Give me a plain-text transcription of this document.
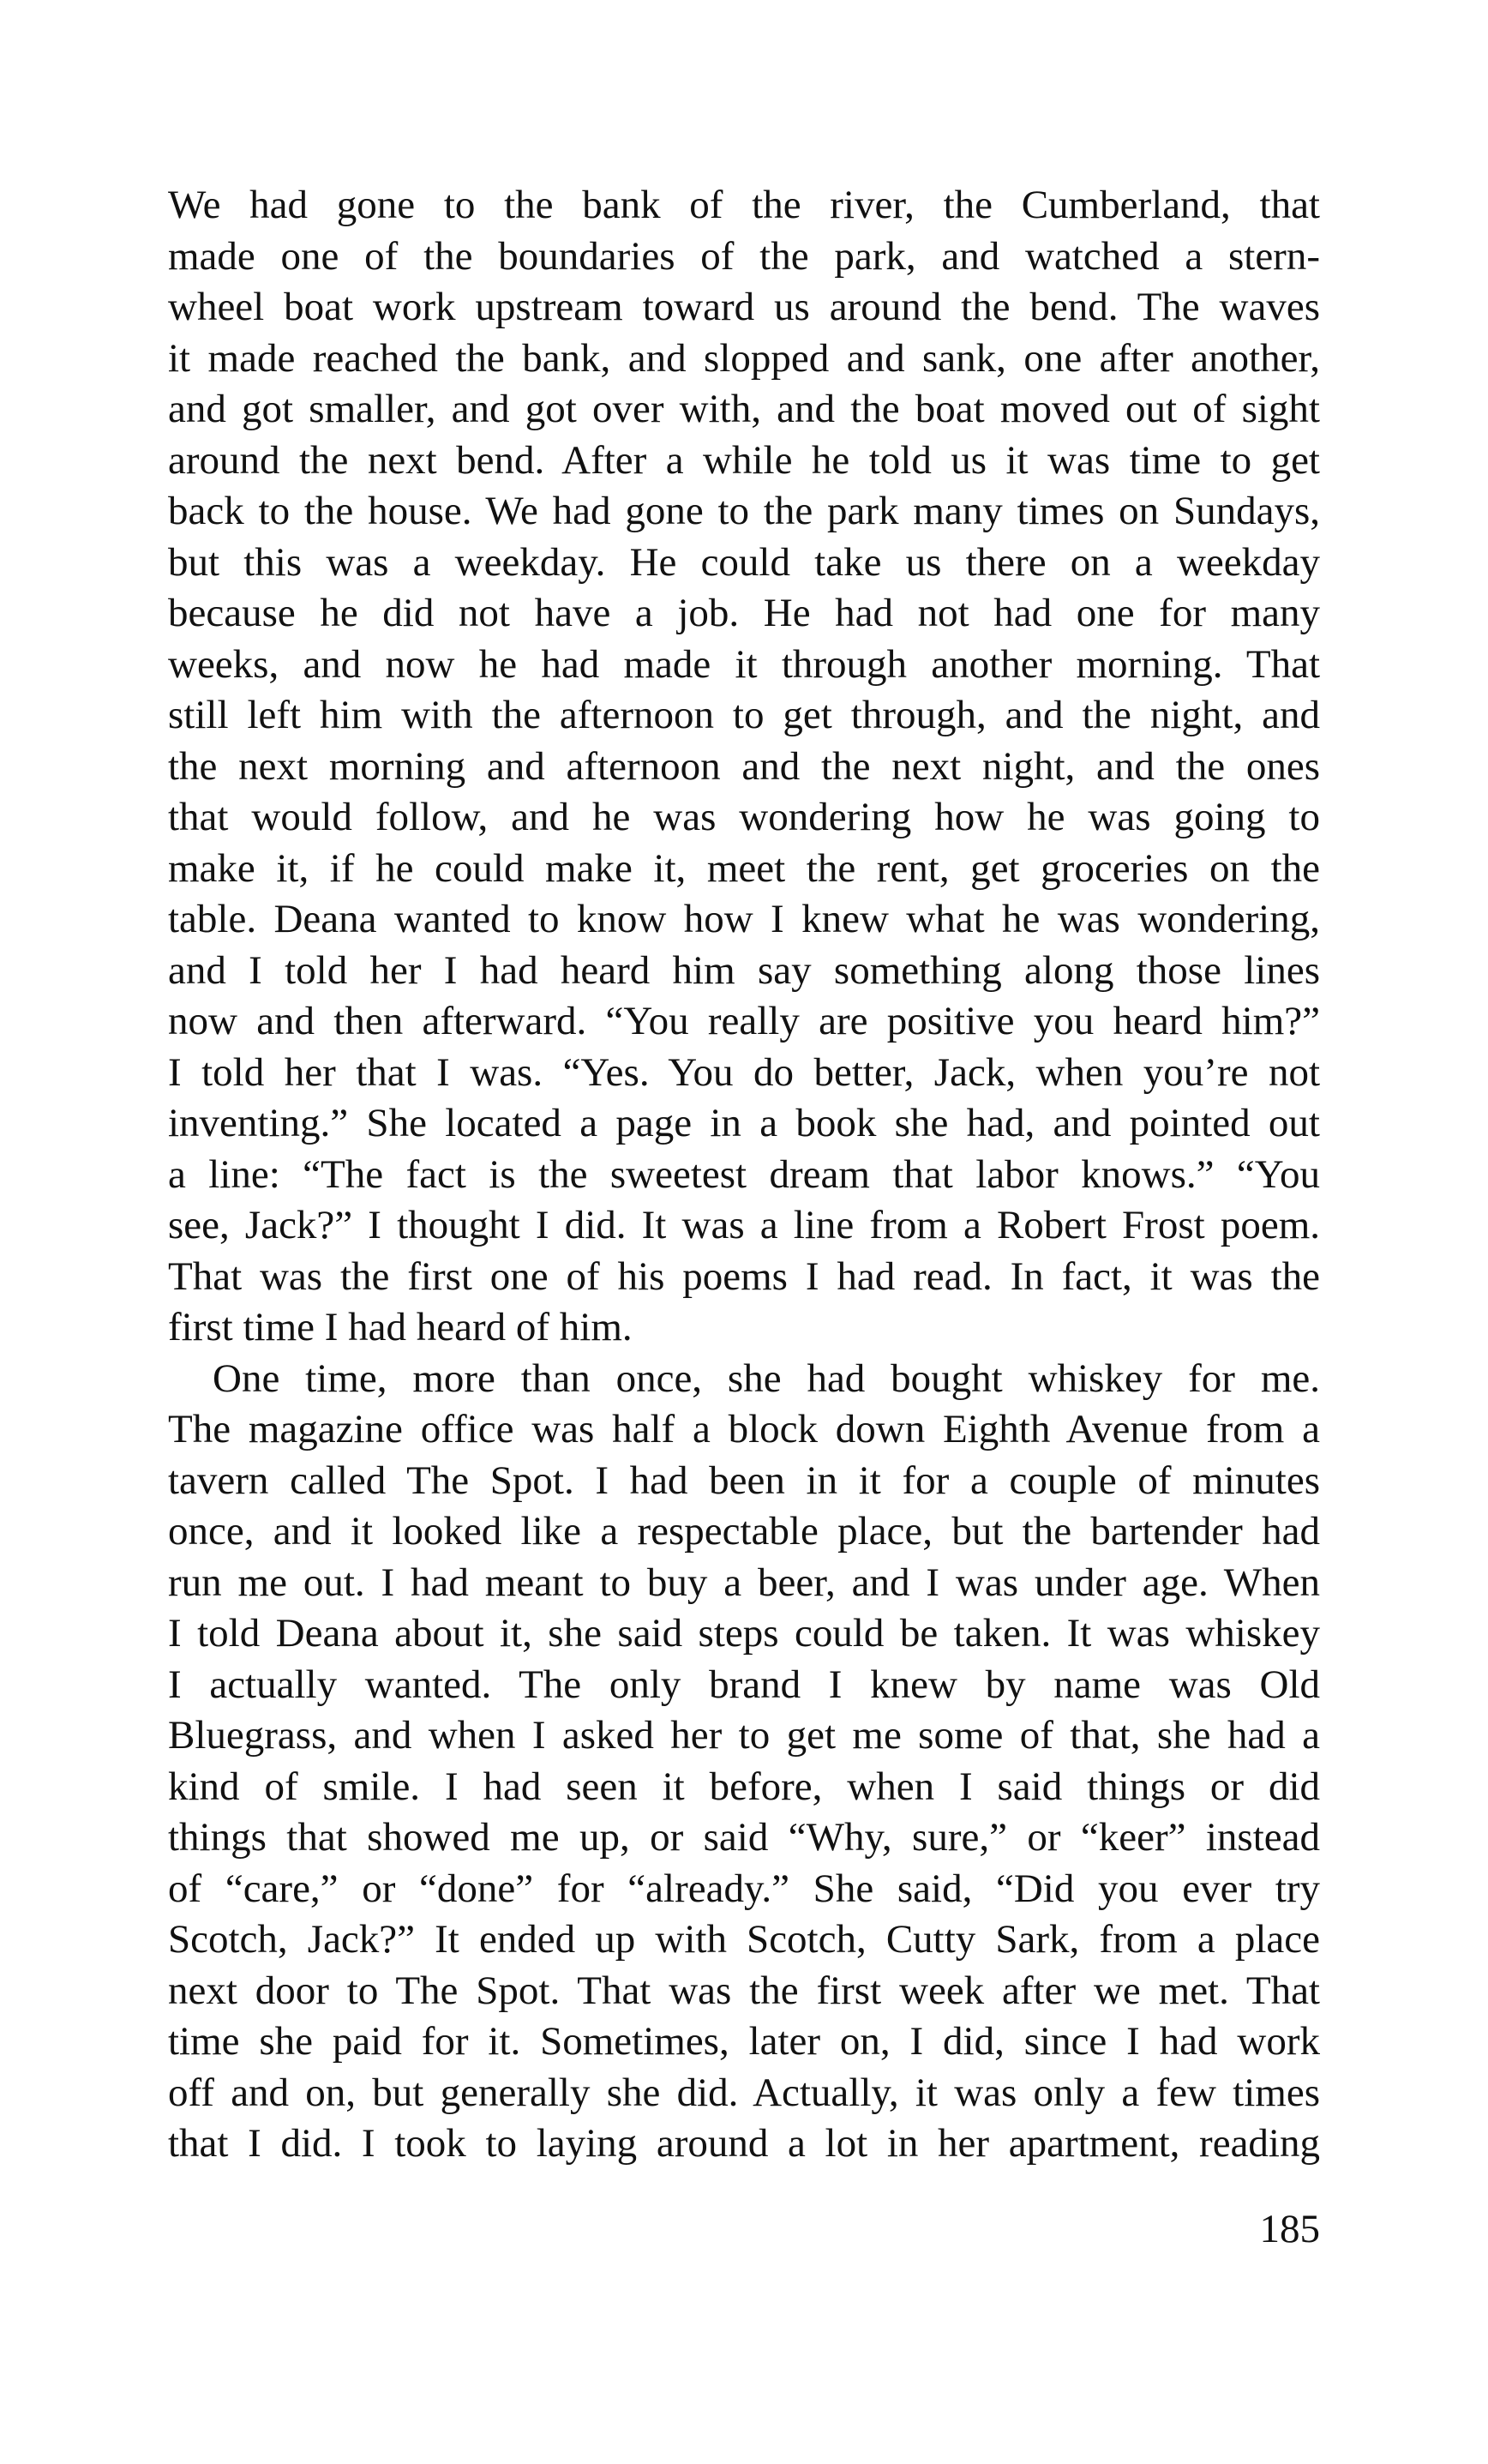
We had gone to the bank of the river, the Cumberland, that
made one of the boundaries of the park, and watched a stern-
wheel boat work upstream toward us around the bend. The waves
it made reached the bank, and slopped and sank, one after another,
and got smaller, and got over with, and the boat moved out of sight
around the next bend. After a while he told us it was time to get
back to the house. We had gone to the park many times on Sundays,
but this was a weekday. He could take us there on a weekday
because he did not have a job. He had not had one for many
weeks, and now he had made it through another morning. That
still left him with the afternoon to get through, and the night, and
the next morning and afternoon and the next night, and the ones
that would follow, and he was wondering how he was going to
make it, if he could make it, meet the rent, get groceries on the
table. Deana wanted to know how I knew what he was wondering,
and I told her I had heard him say something along those lines
now and then afterward. “You really are positive you heard him?”
I told her that I was. “Yes. You do better, Jack, when you’re not
inventing.” She located a page in a book she had, and pointed out
a line: “The fact is the sweetest dream that labor knows.” “You
see, Jack?” I thought I did. It was a line from a Robert Frost poem.
That was the first one of his poems I had read. In fact, it was the
first time I had heard of him.
One time, more than once, she had bought whiskey for me.
The magazine office was half a block down Eighth Avenue from a
tavern called The Spot. I had been in it for a couple of minutes
once, and it looked like a respectable place, but the bartender had
run me out. I had meant to buy a beer, and I was under age. When
I told Deana about it, she said steps could be taken. It was whiskey
I actually wanted. The only brand I knew by name was Old
Bluegrass, and when I asked her to get me some of that, she had a
kind of smile. I had seen it before, when I said things or did
things that showed me up, or said “Why, sure,” or “keer” instead
of “care,” or “done” for “already.” She said, “Did you ever try
Scotch, Jack?” It ended up with Scotch, Cutty Sark, from a place
next door to The Spot. That was the first week after we met. That
time she paid for it. Sometimes, later on, I did, since I had work
off and on, but generally she did. Actually, it was only a few times
that I did. I took to laying around a lot in her apartment, reading
185
